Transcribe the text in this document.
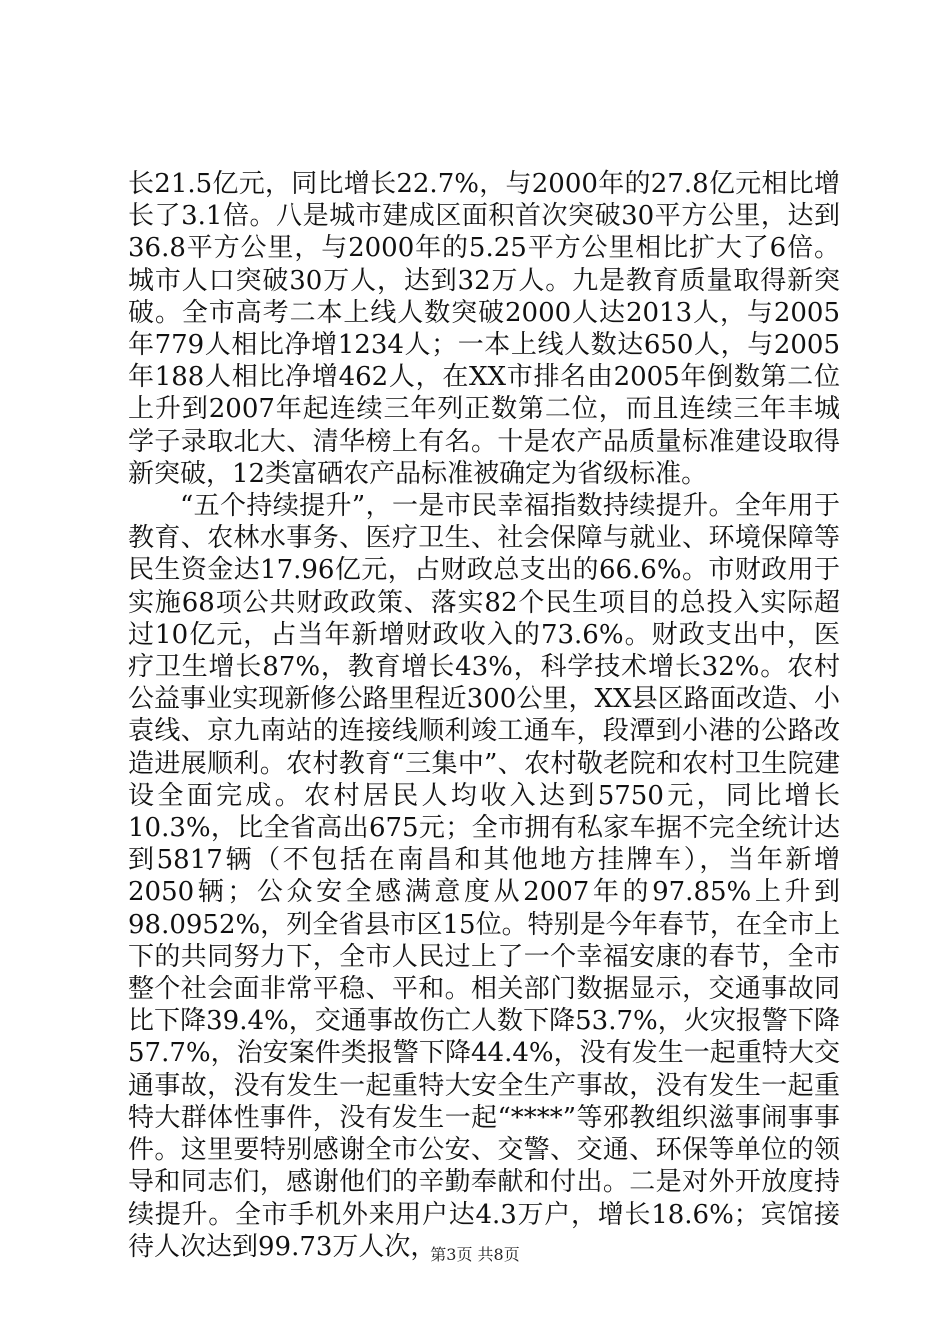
长21.5亿元，同比增长22.7%，与2000年的27.8亿元相比增长了3.1倍。八是城市建成区面积首次突破30平方公里，达到36.8平方公里，与2000年的5.25平方公里相比扩大了6倍。城市人口突破30万人，达到32万人。九是教育质量取得新突破。全市高考二本上线人数突破2000人达2013人，与2005年779人相比净增1234人；一本上线人数达650人，与2005年188人相比净增462人，在XX市排名由2005年倒数第二位上升到2007年起连续三年列正数第二位，而且连续三年丰城学子录取北大、清华榜上有名。十是农产品质量标准建设取得新突破，12类富硒农产品标准被确定为省级标准。

“五个持续提升”，一是市民幸福指数持续提升。全年用于教育、农林水事务、医疗卫生、社会保障与就业、环境保障等民生资金达17.96亿元，占财政总支出的66.6%。市财政用于实施68项公共财政政策、落实82个民生项目的总投入实际超过10亿元，占当年新增财政收入的73.6%。财政支出中，医疗卫生增长87%，教育增长43%，科学技术增长32%。农村公益事业实现新修公路里程近300公里，XX县区路面改造、小袁线、京九南站的连接线顺利竣工通车，段潭到小港的公路改造进展顺利。农村教育“三集中”、农村敬老院和农村卫生院建设全面完成。农村居民人均收入达到5750元，同比增长10.3%，比全省高出675元；全市拥有私家车据不完全统计达到5817辆（不包括在南昌和其他地方挂牌车），当年新增2050辆；公众安全感满意度从2007年的97.85%上升到98.0952%，列全省县市区15位。特别是今年春节，在全市上下的共同努力下，全市人民过上了一个幸福安康的春节，全市整个社会面非常平稳、平和。相关部门数据显示，交通事故同比下降39.4%，交通事故伤亡人数下降53.7%，火灾报警下降57.7%，治安案件类报警下降44.4%，没有发生一起重特大交通事故，没有发生一起重特大安全生产事故，没有发生一起重特大群体性事件，没有发生一起“****”等邪教组织滋事闹事事件。这里要特别感谢全市公安、交警、交通、环保等单位的领导和同志们，感谢他们的辛勤奉献和付出。二是对外开放度持续提升。全市手机外来用户达4.3万户，增长18.6%；宾馆接待人次达到99.73万人次，

第3页 共8页
